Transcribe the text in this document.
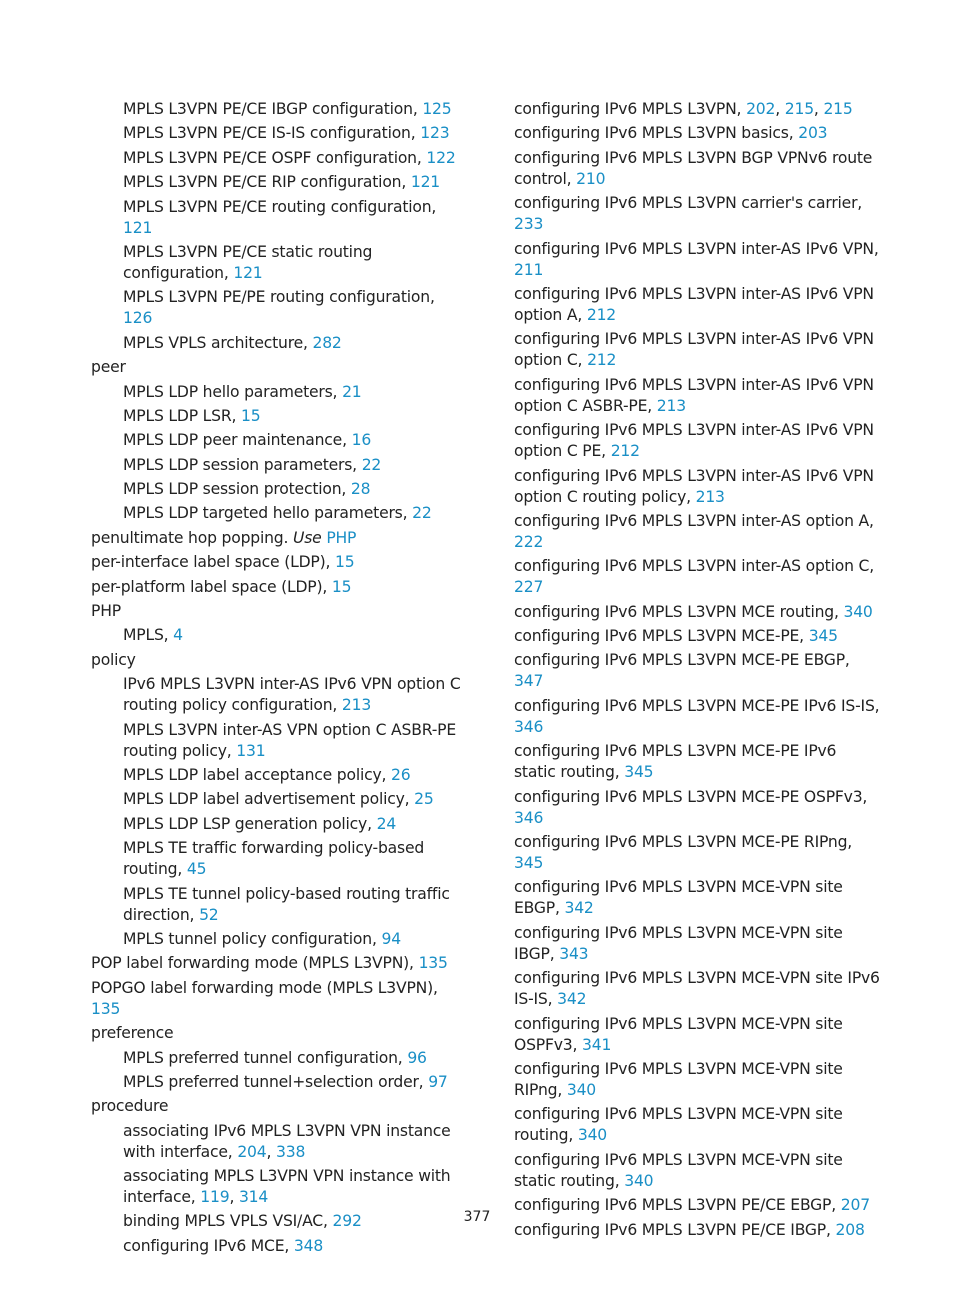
MPLS L3VPN PE/CE IBGP configuration, 125
MPLS L3VPN PE/CE IS-IS configuration, 123
MPLS L3VPN PE/CE OSPF configuration, 122
MPLS L3VPN PE/CE RIP configuration, 121
MPLS L3VPN PE/CE routing configuration, 121
MPLS L3VPN PE/CE static routing configuration, 121
MPLS L3VPN PE/PE routing configuration, 126
MPLS VPLS architecture, 282
peer
MPLS LDP hello parameters, 21
MPLS LDP LSR, 15
MPLS LDP peer maintenance, 16
MPLS LDP session parameters, 22
MPLS LDP session protection, 28
MPLS LDP targeted hello parameters, 22
penultimate hop popping. Use PHP
per-interface label space (LDP), 15
per-platform label space (LDP), 15
PHP
MPLS, 4
policy
IPv6 MPLS L3VPN inter-AS IPv6 VPN option C routing policy configuration, 213
MPLS L3VPN inter-AS VPN option C ASBR-PE routing policy, 131
MPLS LDP label acceptance policy, 26
MPLS LDP label advertisement policy, 25
MPLS LDP LSP generation policy, 24
MPLS TE traffic forwarding policy-based routing, 45
MPLS TE tunnel policy-based routing traffic direction, 52
MPLS tunnel policy configuration, 94
POP label forwarding mode (MPLS L3VPN), 135
POPGO label forwarding mode (MPLS L3VPN), 135
preference
MPLS preferred tunnel configuration, 96
MPLS preferred tunnel+selection order, 97
procedure
associating IPv6 MPLS L3VPN VPN instance with interface, 204, 338
associating MPLS L3VPN VPN instance with interface, 119, 314
binding MPLS VPLS VSI/AC, 292
configuring IPv6 MCE, 348
configuring IPv6 MPLS L3VPN, 202, 215, 215
configuring IPv6 MPLS L3VPN basics, 203
configuring IPv6 MPLS L3VPN BGP VPNv6 route control, 210
configuring IPv6 MPLS L3VPN carrier's carrier, 233
configuring IPv6 MPLS L3VPN inter-AS IPv6 VPN, 211
configuring IPv6 MPLS L3VPN inter-AS IPv6 VPN option A, 212
configuring IPv6 MPLS L3VPN inter-AS IPv6 VPN option C, 212
configuring IPv6 MPLS L3VPN inter-AS IPv6 VPN option C ASBR-PE, 213
configuring IPv6 MPLS L3VPN inter-AS IPv6 VPN option C PE, 212
configuring IPv6 MPLS L3VPN inter-AS IPv6 VPN option C routing policy, 213
configuring IPv6 MPLS L3VPN inter-AS option A, 222
configuring IPv6 MPLS L3VPN inter-AS option C, 227
configuring IPv6 MPLS L3VPN MCE routing, 340
configuring IPv6 MPLS L3VPN MCE-PE, 345
configuring IPv6 MPLS L3VPN MCE-PE EBGP, 347
configuring IPv6 MPLS L3VPN MCE-PE IPv6 IS-IS, 346
configuring IPv6 MPLS L3VPN MCE-PE IPv6 static routing, 345
configuring IPv6 MPLS L3VPN MCE-PE OSPFv3, 346
configuring IPv6 MPLS L3VPN MCE-PE RIPng, 345
configuring IPv6 MPLS L3VPN MCE-VPN site EBGP, 342
configuring IPv6 MPLS L3VPN MCE-VPN site IBGP, 343
configuring IPv6 MPLS L3VPN MCE-VPN site IPv6 IS-IS, 342
configuring IPv6 MPLS L3VPN MCE-VPN site OSPFv3, 341
configuring IPv6 MPLS L3VPN MCE-VPN site RIPng, 340
configuring IPv6 MPLS L3VPN MCE-VPN site routing, 340
configuring IPv6 MPLS L3VPN MCE-VPN site static routing, 340
configuring IPv6 MPLS L3VPN PE/CE EBGP, 207
configuring IPv6 MPLS L3VPN PE/CE IBGP, 208
377
